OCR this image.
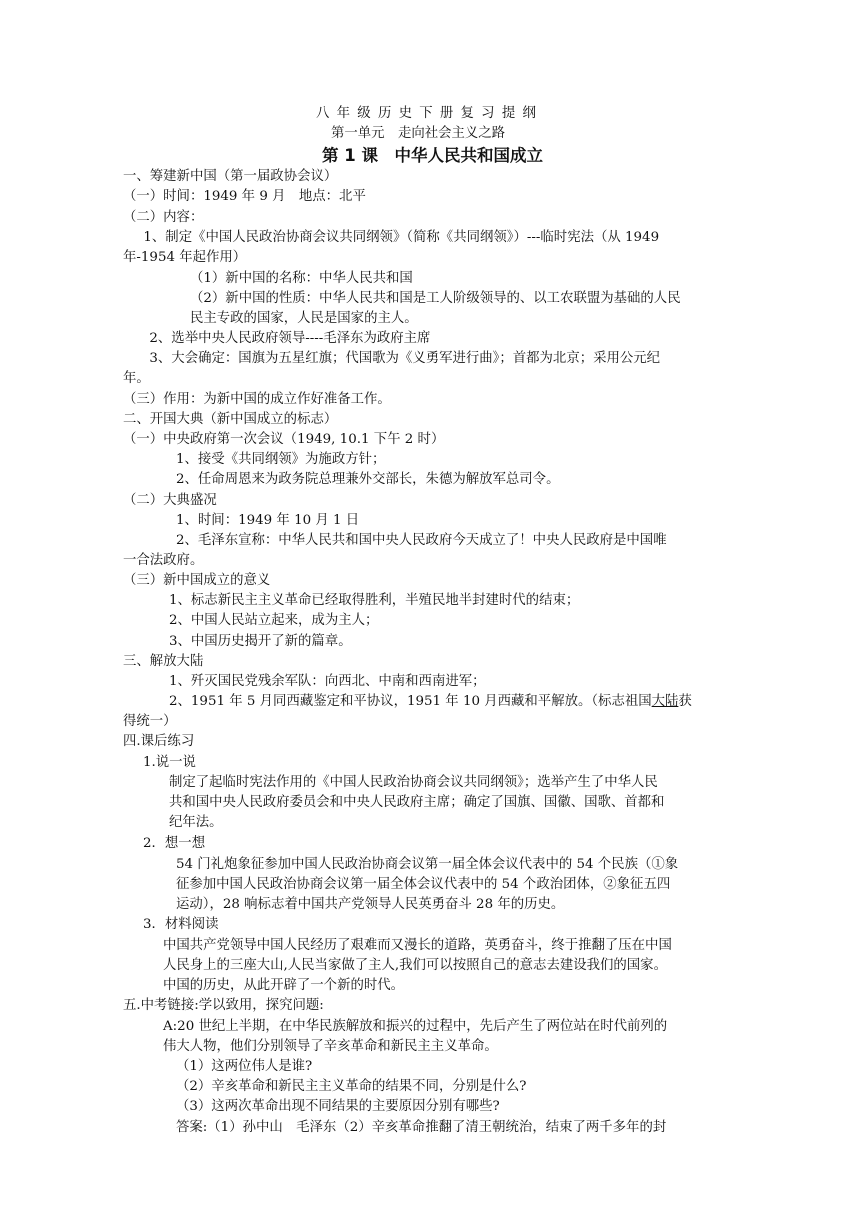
八 年 级 历 史 下 册 复 习 提 纲
第一单元　走向社会主义之路
第 1 课　中华人民共和国成立
一、筹建新中国（第一届政协会议）
（一）时间：1949 年 9 月　地点：北平
（二）内容：
　1、制定《中国人民政治协商会议共同纲领》（简称《共同纲领》）---临时宪法（从 1949
年-1954 年起作用）
（1）新中国的名称：中华人民共和国
（2）新中国的性质：中华人民共和国是工人阶级领导的、以工农联盟为基础的人民
民主专政的国家，人民是国家的主人。
　2、选举中央人民政府领导----毛泽东为政府主席
　3、大会确定：国旗为五星红旗；代国歌为《义勇军进行曲》；首都为北京；采用公元纪
年。
（三）作用：为新中国的成立作好准备工作。
二、开国大典（新中国成立的标志）
（一）中央政府第一次会议（1949, 10.1 下午 2 时）
1、接受《共同纲领》为施政方针；
2、任命周恩来为政务院总理兼外交部长，朱德为解放军总司令。
（二）大典盛况
1、时间：1949 年 10 月 1 日
2、毛泽东宣称：中华人民共和国中央人民政府今天成立了！中央人民政府是中国唯
一合法政府。
（三）新中国成立的意义
1、标志新民主主义革命已经取得胜利，半殖民地半封建时代的结束；
2、中国人民站立起来，成为主人；
3、中国历史揭开了新的篇章。
三、解放大陆
1、歼灭国民党残余军队：向西北、中南和西南进军；
2、1951 年 5 月同西藏鉴定和平协议，1951 年 10 月西藏和平解放。（标志祖国大陆获
得统一）
四.课后练习
1.说一说
制定了起临时宪法作用的《中国人民政治协商会议共同纲领》；选举产生了中华人民
共和国中央人民政府委员会和中央人民政府主席；确定了国旗、国徽、国歌、首都和
纪年法。
2．想一想
54 门礼炮象征参加中国人民政治协商会议第一届全体会议代表中的 54 个民族（①象
征参加中国人民政治协商会议第一届全体会议代表中的 54 个政治团体，②象征五四
运动），28 响标志着中国共产党领导人民英勇奋斗 28 年的历史。
3．材料阅读
中国共产党领导中国人民经历了艰难而又漫长的道路，英勇奋斗，终于推翻了压在中国
人民身上的三座大山,人民当家做了主人,我们可以按照自己的意志去建设我们的国家。
中国的历史，从此开辟了一个新的时代。
五.中考链接:学以致用，探究问题:
A:20 世纪上半期，在中华民族解放和振兴的过程中，先后产生了两位站在时代前列的
伟大人物，他们分别领导了辛亥革命和新民主主义革命。
（1）这两位伟人是谁?
（2）辛亥革命和新民主主义革命的结果不同，分别是什么?
（3）这两次革命出现不同结果的主要原因分别有哪些?
答案:（1）孙中山　毛泽东（2）辛亥革命推翻了清王朝统治，结束了两千多年的封
